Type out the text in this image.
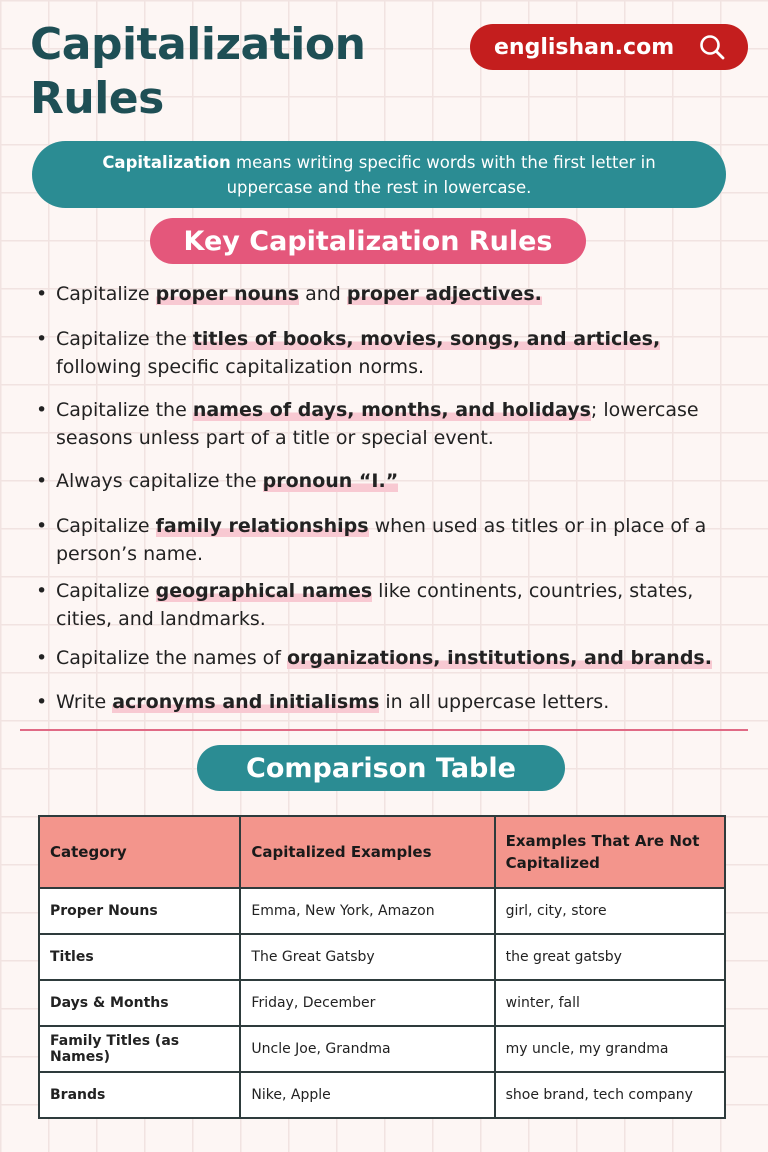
Capitalization
Rules
englishan.com
Capitalization means writing specific words with the first letter in uppercase and the rest in lowercase.
Key Capitalization Rules
• Capitalize proper nouns and proper adjectives.
• Capitalize the titles of books, movies, songs, and articles, following specific capitalization norms.
• Capitalize the names of days, months, and holidays; lowercase seasons unless part of a title or special event.
• Always capitalize the pronoun “I.”
• Capitalize family relationships when used as titles or in place of a person’s name.
• Capitalize geographical names like continents, countries, states, cities, and landmarks.
• Capitalize the names of organizations, institutions, and brands.
• Write acronyms and initialisms in all uppercase letters.
Comparison Table
Category	Capitalized Examples	Examples That Are Not Capitalized
Proper Nouns	Emma, New York, Amazon	girl, city, store
Titles	The Great Gatsby	the great gatsby
Days & Months	Friday, December	winter, fall
Family Titles (as Names)	Uncle Joe, Grandma	my uncle, my grandma
Brands	Nike, Apple	shoe brand, tech company
